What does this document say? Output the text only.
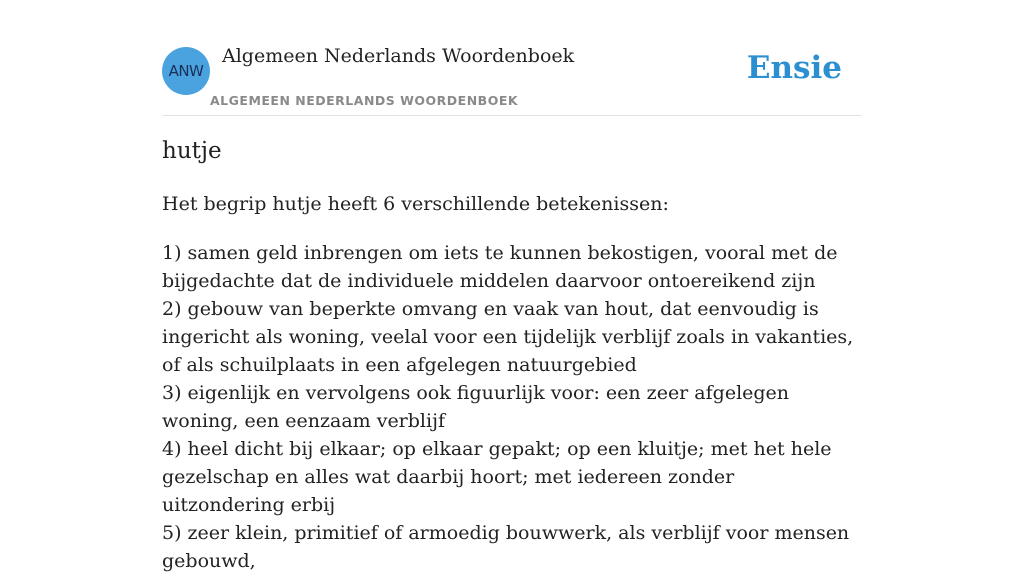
ANW
Algemeen Nederlands Woordenboek
ALGEMEEN NEDERLANDS WOORDENBOEK
Ensie
hutje

Het begrip hutje heeft 6 verschillende betekenissen:

1) samen geld inbrengen om iets te kunnen bekostigen, vooral met de bijgedachte dat de individuele middelen daarvoor ontoereikend zijn
2) gebouw van beperkte omvang en vaak van hout, dat eenvoudig is ingericht als woning, veelal voor een tijdelijk verblijf zoals in vakanties, of als schuilplaats in een afgelegen natuurgebied
3) eigenlijk en vervolgens ook figuurlijk voor: een zeer afgelegen woning, een eenzaam verblijf
4) heel dicht bij elkaar; op elkaar gepakt; op een kluitje; met het hele gezelschap en alles wat daarbij hoort; met iedereen zonder uitzondering erbij
5) zeer klein, primitief of armoedig bouwwerk, als verblijf voor mensen gebouwd,
